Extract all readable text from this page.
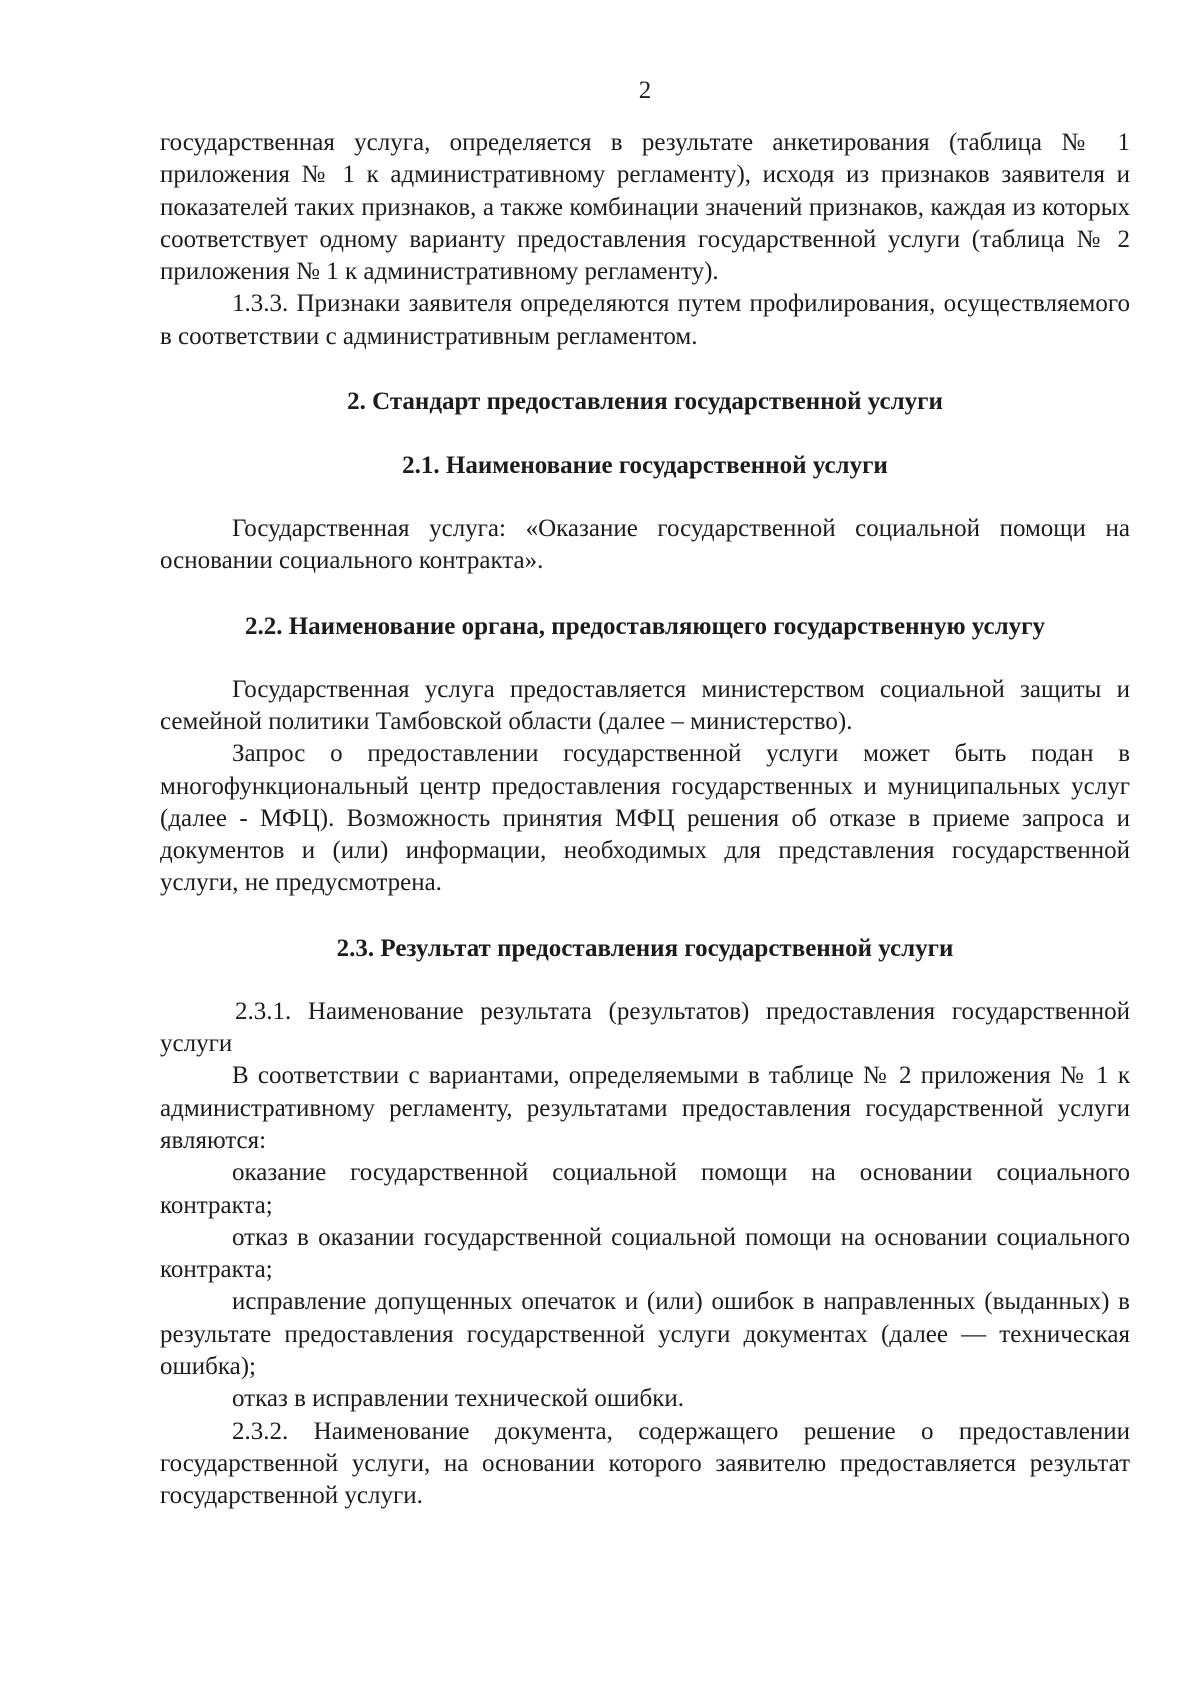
2

государственная услуга, определяется в результате анкетирования (таблица № 1 приложения № 1 к административному регламенту), исходя из признаков заявителя и показателей таких признаков, а также комбинации значений признаков, каждая из которых соответствует одному варианту предоставления государственной услуги (таблица № 2 приложения № 1 к административному регламенту).

1.3.3. Признаки заявителя определяются путем профилирования, осуществляемого в соответствии с административным регламентом.

2. Стандарт предоставления государственной услуги
2.1. Наименование государственной услуги

Государственная услуга: «Оказание государственной социальной помощи на основании социального контракта».

2.2. Наименование органа, предоставляющего государственную услугу

Государственная услуга предоставляется министерством социальной защиты и семейной политики Тамбовской области (далее – министерство).

Запрос о предоставлении государственной услуги может быть подан в многофункциональный центр предоставления государственных и муниципальных услуг (далее - МФЦ). Возможность принятия МФЦ решения об отказе в приеме запроса и документов и (или) информации, необходимых для представления государственной услуги, не предусмотрена.

2.3. Результат предоставления государственной услуги

2.3.1. Наименование результата (результатов) предоставления государственной услуги

В соответствии с вариантами, определяемыми в таблице № 2 приложения № 1 к административному регламенту, результатами предоставления государственной услуги являются:

оказание государственной социальной помощи на основании социального контракта;

отказ в оказании государственной социальной помощи на основании социального контракта;

исправление допущенных опечаток и (или) ошибок в направленных (выданных) в результате предоставления государственной услуги документах (далее — техническая ошибка);

отказ в исправлении технической ошибки.

2.3.2. Наименование документа, содержащего решение о предоставлении государственной услуги, на основании которого заявителю предоставляется результат государственной услуги.
